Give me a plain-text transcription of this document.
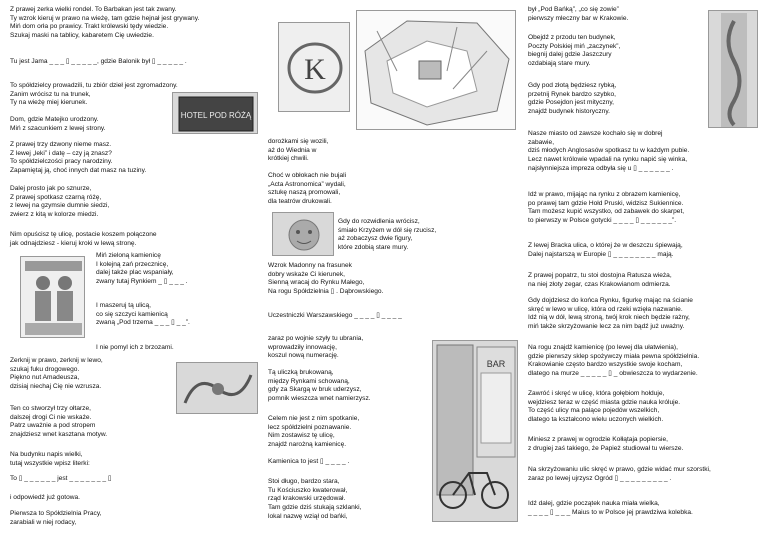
Z prawej zerka wielki rondel. To Barbakan jest tak zwany.
Ty wzrok kieruj w prawo na wieżę, tam gdzie hejnał jest grywany.
Miń dom orła po prawicy. Trakt królewski tędy wiedzie.
Szukaj maski na tablicy, kabaretem Cię uwiedzie.

Tu jest Jama _ _ _ ▯ _ _ _ _ _, gdzie Balonik był ▯ _ _ _ _ _ .

To spółdzielcy prowadzili, tu zbiór dzieł jest zgromadzony.
Zanim wrócisz tu na trunek,
Ty na wieżę miej kierunek.

HOTEL POD RÓŻĄ

Dom, gdzie Matejko urodzony.
Miń z szacunkiem z lewej strony.

Z prawej trzy dzwony nieme masz.
Z lewej „leki” i datę – czy ją znasz?
To spółdzielczości pracy narodziny.
Zapamiętaj ją, choć innych dat masz na tuziny.

Dalej prosto jak po sznurze,
Z prawej spotkasz czarną różę,
z lewej na gzymsie dumnie siedzi,
zwierz z kitą w kolorze miedzi.

Nim opuścisz tę ulicę, postacie koszem połączone
jak odnajdziesz - kieruj kroki w lewą stronę.

Miń zieloną kamienicę
I kolejną zań przecznicę,
dalej także plac wspaniały,
zwany tutaj Rynkiem _ ▯ _ _ _ .

I maszeruj tą ulicą,
co się szczyci kamienicą
zwaną „Pod trzema _ _ _ ▯ _ _”.

I nie pomyl ich z brzozami.

Zerknij w prawo, zerknij w lewo,
szukaj fuku drogowego.
Piękno nut Amadeusza,
dzisiaj niechaj Cię nie wzrusza.

Ten co stworzył trzy ołtarze,
dalszej drogi Ci nie wskaże.
Patrz uważnie a pod stropem
znajdziesz wnet kasztana motyw.

Na budynku napis wielki,
tutaj wszystkie wpisz literki:

To ▯ _ _ _ _ _ _ jest _ _ _ _ _ _ _ ▯

i odpowiedź już gotowa.

Pierwsza to Spółdzielnia Pracy,
zarabiali w niej rodacy,

K

dorożkami się wozili,
aż do Wiednia w
krótkiej chwili.

Choć w obłokach nie bujali
„Acta Astronomica” wydali,
sztukę naszą promowali,
dla teatrów drukowali.

Gdy do rozwidlenia wrócisz,
śmiało Krzyżem w dół się rzucisz,
aż zobaczysz dwie figury,
które zdobią stare mury.

Wzrok Madonny na frasunek
dobry wskaże Ci kierunek,
Sienną wracaj do Rynku Małego,
Na rogu Spółdzielnia ▯ . Dąbrowskiego.

Uczestniczki Warszawskiego _ _ _ _ ▯ _ _ _ _

zaraz po wojnie szyły tu ubrania,
wprowadziły innowację,
koszul nową numerację.

Tą uliczką brukowaną,
między Rynkami schowaną,
gdy za Skargą w bruk uderzysz,
pomnik wieszcza wnet namierzysz.

Celem nie jest z nim spotkanie,
lecz spółdzielni poznawanie.
Nim zostawisz tę ulicę,
znajdź narożną kamienicę.

Kamienica to jest ▯ _ _ _ _ .

Stoi długo, bardzo stara,
Tu Kościuszko kwaterował,
rząd krakowski urzędował.
Tam gdzie dziś stukają szklanki,
lokal nazwę wziął od bańki,

BAR

był „Pod Bańką”, „co się zowie”
pierwszy mleczny bar w Krakowie.

Obejdź z przodu ten budynek,
Poczty Polskiej miń „zaczynek”,
biegnij dalej gdzie Jaszczury
ozdabiają stare mury.

Gdy pod złotą będziesz rybką,
przetnij Rynek bardzo szybko,
gdzie Posejdon jest mityczny,
znajdź budynek historyczny.

Nasze miasto od zawsze kochało się w dobrej
zabawie,
dziś młodych Anglosasów spotkasz tu w każdym pubie.
Lecz nawet królowie wpadali na rynku napić się winka,
najsłynniejsza impreza odbyła się u ▯ _ _ _ _ _ _ .

Idź w prawo, mijając na rynku z obrazem kamienicę,
po prawej tam gdzie Hołd Pruski, widzisz Sukiennice.
Tam możesz kupić wszystko, od zabawek do skarpet,
to pierwszy w Polsce gotycki _ _ _ _ ▯ _ _ _ _ _ _”.

Z lewej Bracka ulica, o której że w deszczu śpiewają,
Dalej najstarszą w Europie ▯ _ _ _ _ _ _ _ _ mają.

Z prawej popatrz, tu stoi dostojna Ratusza wieża,
na niej złoty zegar, czas Krakowianom odmierza.

Gdy dojdziesz do końca Rynku, figurkę mając na ścianie
skręć w lewo w ulicę, która od rzeki wzięła nazwanie.
Idź nią w dół, lewą stroną, twój krok niech będzie rażny,
miń także skrzyżowanie lecz za nim bądź już uważny.

Na rogu znajdź kamienicę (po lewej dla ułatwienia),
gdzie pierwszy sklep spożywczy miała pewna spółdzielnia.
Krakowianie często bardzo wszystkie swoje kocham,
dlatego na murze _ _ _ _ _ ▯ _ obwieszcza to wydarzenie.

Zawróć i skręć w ulicę, która gołębiom hołduje,
wejdziesz teraz w część miasta gdzie nauka króluje.
To część ulicy ma palące pojedów wszelkich,
dlatego ta kształcono wielu uczonych wielkich.

Miniesz z prawej w ogrodzie Kołłątaja popiersie,
z drugiej zaś takiego, że Papież studiował tu wiersze.

Na skrzyżowaniu ulic skręć w prawo, gdzie widać mur szorstki,
zaraz po lewej ujrzysz Ogród ▯ _ _ _ _ _ _ _ _ _ .

Idź dalej, gdzie początek nauka miała wielka,
_ _ _ _ ▯ _ _ _ Maius to w Polsce jej prawdziwa kolebka.
